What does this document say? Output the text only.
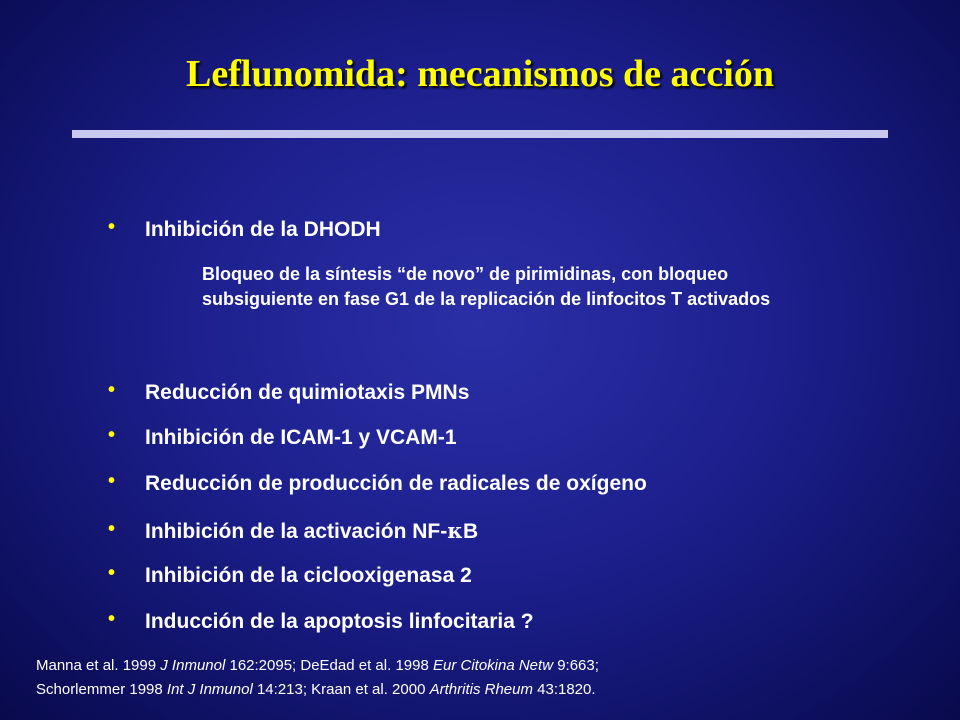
Leflunomida: mecanismos de acción
•	Inhibición de la DHODH
Bloqueo de la síntesis “de novo” de pirimidinas, con bloqueo subsiguiente en fase G1 de la replicación de linfocitos T activados
•	Reducción de quimiotaxis PMNs
•	Inhibición de ICAM-1 y VCAM-1
•	Reducción de producción de radicales de oxígeno
•	Inhibición de la activación NF-κB
•	Inhibición de la ciclooxigenasa 2
•	Inducción de la apoptosis linfocitaria ?
Manna et al. 1999 J Inmunol 162:2095; DeEdad et al. 1998 Eur Citokina Netw 9:663;
Schorlemmer 1998 Int J Inmunol 14:213; Kraan et al. 2000 Arthritis Rheum 43:1820.
